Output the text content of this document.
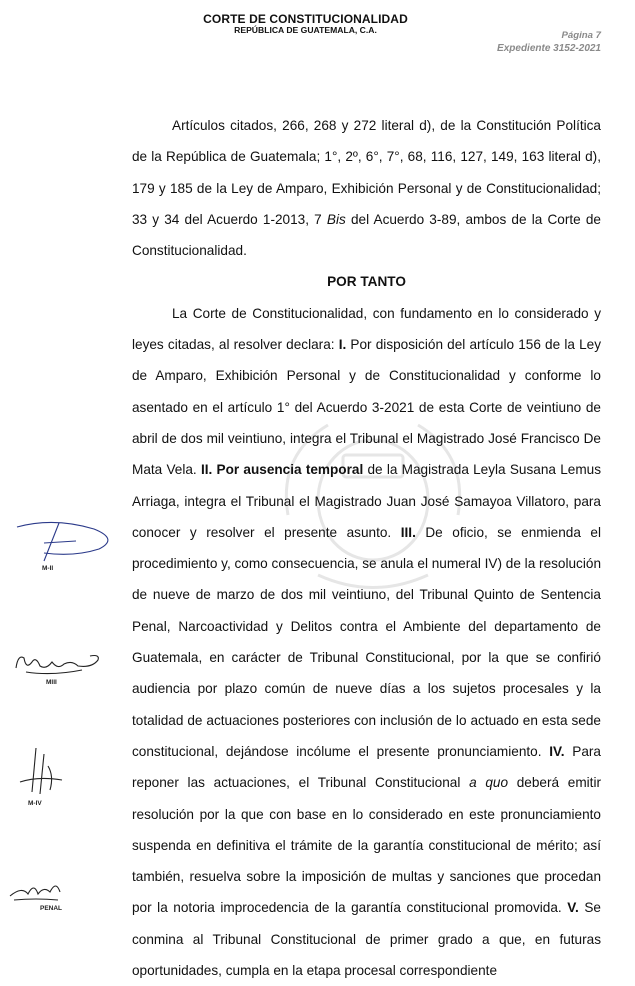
CORTE DE CONSTITUCIONALIDAD
REPÚBLICA DE GUATEMALA, C.A.	Página 7
Expediente 3152-2021

Artículos citados, 266, 268 y 272 literal d), de la Constitución Política de la República de Guatemala; 1°, 2º, 6°, 7°, 68, 116, 127, 149, 163 literal d), 179 y 185 de la Ley de Amparo, Exhibición Personal y de Constitucionalidad; 33 y 34 del Acuerdo 1-2013, 7 Bis del Acuerdo 3-89, ambos de la Corte de Constitucionalidad.

POR TANTO

La Corte de Constitucionalidad, con fundamento en lo considerado y leyes citadas, al resolver declara: I. Por disposición del artículo 156 de la Ley de Amparo, Exhibición Personal y de Constitucionalidad y conforme lo asentado en el artículo 1° del Acuerdo 3-2021 de esta Corte de veintiuno de abril de dos mil veintiuno, integra el Tribunal el Magistrado José Francisco De Mata Vela. II. Por ausencia temporal de la Magistrada Leyla Susana Lemus Arriaga, integra el Tribunal el Magistrado Juan José Samayoa Villatoro, para conocer y resolver el presente asunto. III. De oficio, se enmienda el procedimiento y, como consecuencia, se anula el numeral IV) de la resolución de nueve de marzo de dos mil veintiuno, del Tribunal Quinto de Sentencia Penal, Narcoactividad y Delitos contra el Ambiente del departamento de Guatemala, en carácter de Tribunal Constitucional, por la que se confirió audiencia por plazo común de nueve días a los sujetos procesales y la totalidad de actuaciones posteriores con inclusión de lo actuado en esta sede constitucional, dejándose incólume el presente pronunciamiento. IV. Para reponer las actuaciones, el Tribunal Constitucional a quo deberá emitir resolución por la que con base en lo considerado en este pronunciamiento suspenda en definitiva el trámite de la garantía constitucional de mérito; así también, resuelva sobre la imposición de multas y sanciones que procedan por la notoria improcedencia de la garantía constitucional promovida. V. Se conmina al Tribunal Constitucional de primer grado a que, en futuras oportunidades, cumpla en la etapa procesal correspondiente

M-II
MIII
M-IV
PENAL
